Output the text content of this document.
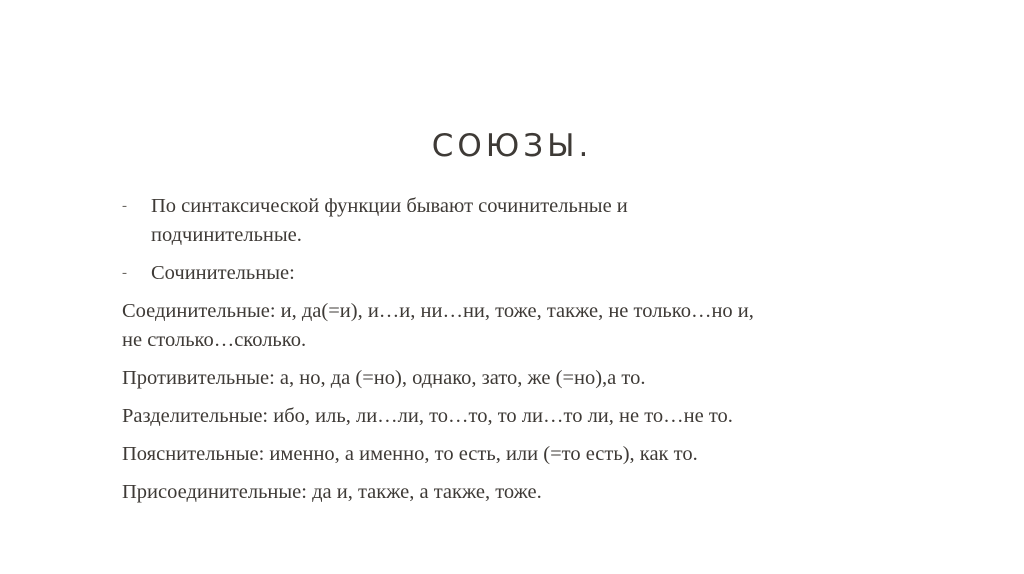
СОЮЗЫ.
- По синтаксической функции бывают сочинительные и
подчинительные.
- Сочинительные:
Соединительные: и, да(=и), и…и, ни…ни, тоже, также, не только…но и,
не столько…сколько.
Противительные: а, но, да (=но), однако, зато, же (=но),а то.
Разделительные: ибо, иль, ли…ли, то…то, то ли…то ли, не то…не то.
Пояснительные: именно, а именно, то есть, или (=то есть), как то.
Присоединительные: да и, также, а также, тоже.
